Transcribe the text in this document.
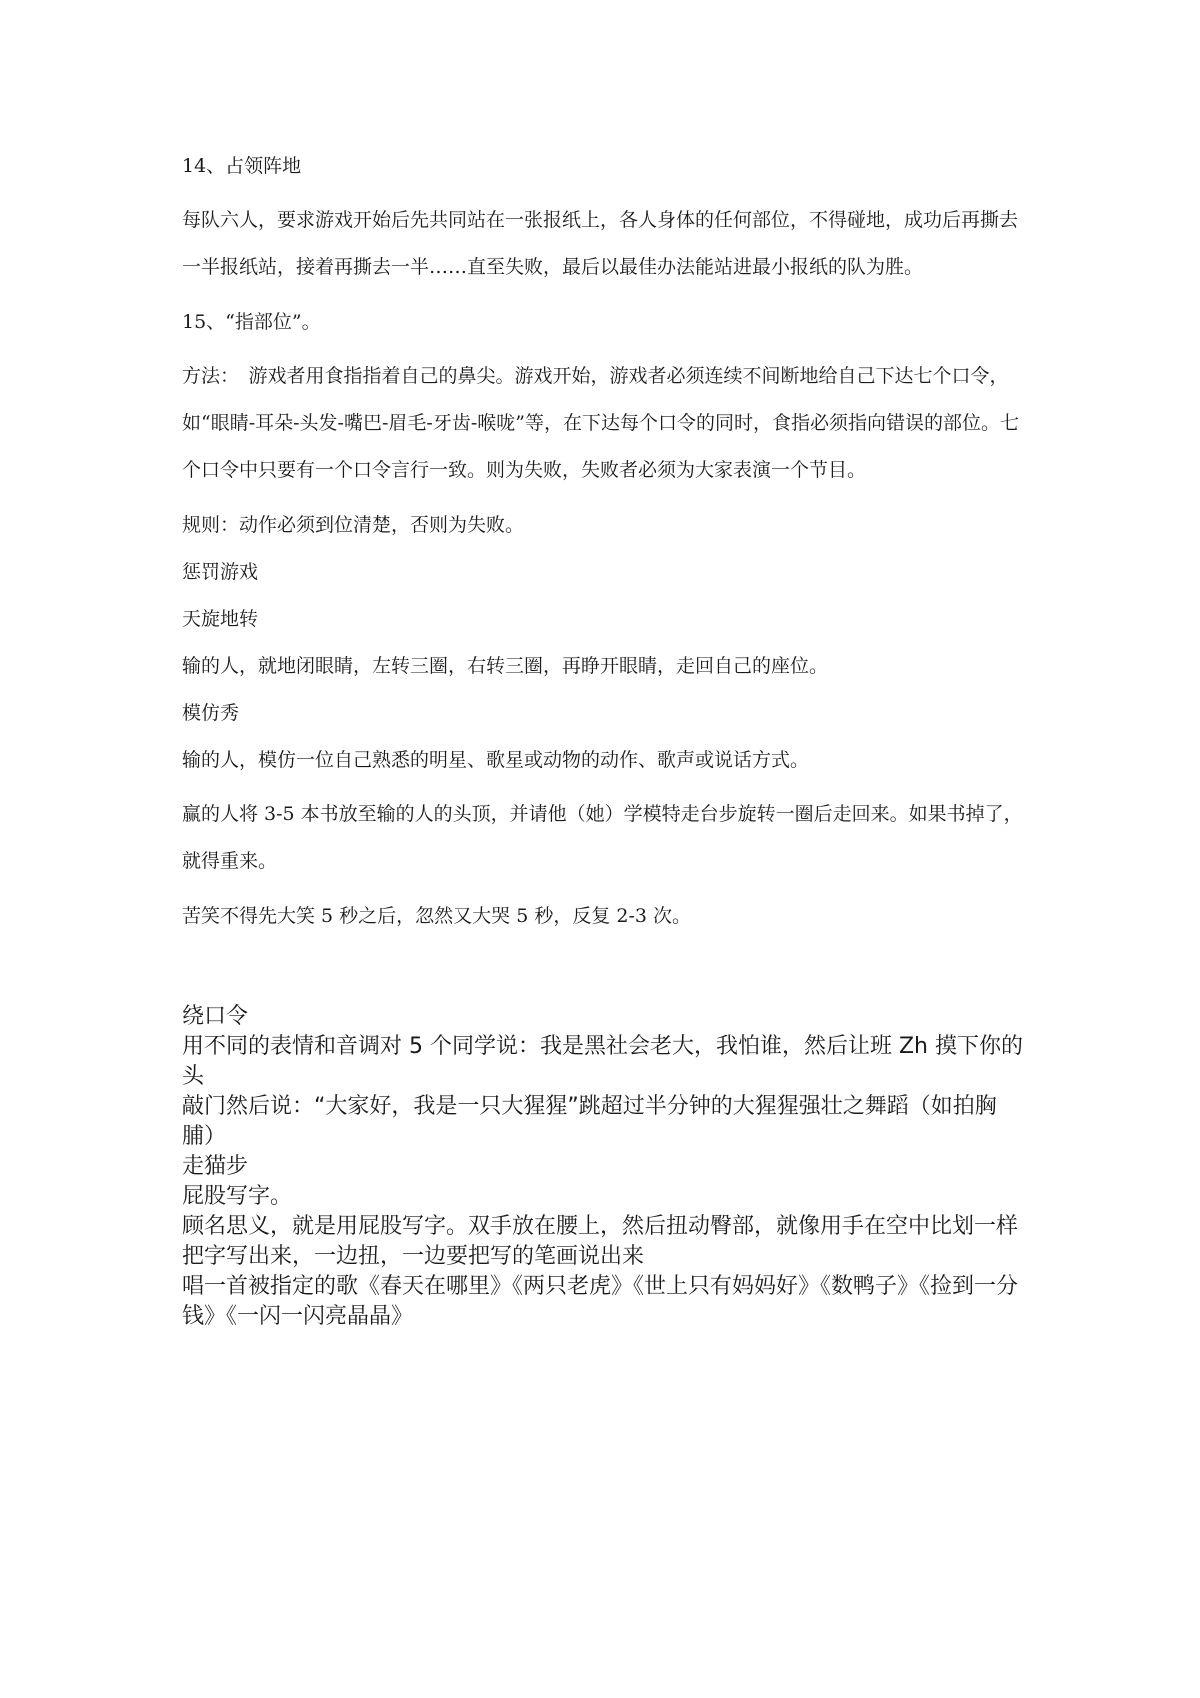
14、占领阵地

每队六人，要求游戏开始后先共同站在一张报纸上，各人身体的任何部位，不得碰地，成功后再撕去一半报纸站，接着再撕去一半……直至失败，最后以最佳办法能站进最小报纸的队为胜。

15、“指部位”。

方法：　游戏者用食指指着自己的鼻尖。游戏开始，游戏者必须连续不间断地给自己下达七个口令，如“眼睛-耳朵-头发-嘴巴-眉毛-牙齿-喉咙”等，在下达每个口令的同时，食指必须指向错误的部位。七个口令中只要有一个口令言行一致。则为失败，失败者必须为大家表演一个节目。

规则：动作必须到位清楚，否则为失败。

惩罚游戏

天旋地转

输的人，就地闭眼睛，左转三圈，右转三圈，再睁开眼睛，走回自己的座位。

模仿秀

输的人，模仿一位自己熟悉的明星、歌星或动物的动作、歌声或说话方式。

赢的人将 3-5 本书放至输的人的头顶，并请他（她）学模特走台步旋转一圈后走回来。如果书掉了，就得重来。

苦笑不得先大笑 5 秒之后，忽然又大哭 5 秒，反复 2-3 次。

绕口令

用不同的表情和音调对 5 个同学说：我是黑社会老大，我怕谁，然后让班 Zh 摸下你的头

敲门然后说：“大家好，我是一只大猩猩”跳超过半分钟的大猩猩强壮之舞蹈（如拍胸脯）

走猫步

屁股写字。

顾名思义，就是用屁股写字。双手放在腰上，然后扭动臀部，就像用手在空中比划一样把字写出来，一边扭，一边要把写的笔画说出来

唱一首被指定的歌《春天在哪里》《两只老虎》《世上只有妈妈好》《数鸭子》《捡到一分钱》《一闪一闪亮晶晶》
